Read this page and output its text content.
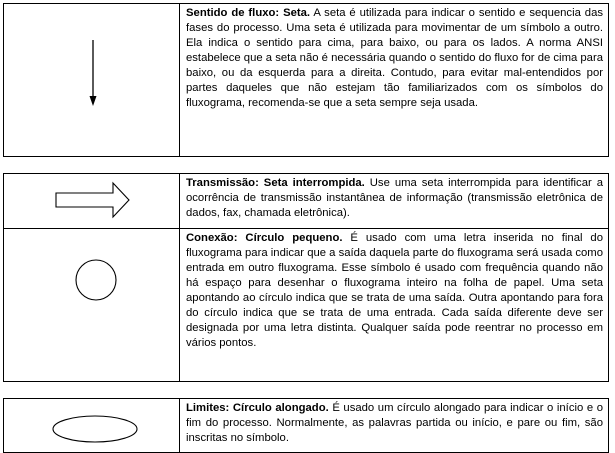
	Sentido de fluxo: Seta. A seta é utilizada para indicar o sentido e sequencia das fases do processo. Uma seta é utilizada para movimentar de um símbolo a outro. Ela indica o sentido para cima, para baixo, ou para os lados. A norma ANSI estabelece que a seta não é necessária quando o sentido do fluxo for de cima para baixo, ou da esquerda para a direita. Contudo, para evitar mal-entendidos por partes daqueles que não estejam tão familiarizados com os símbolos do fluxograma, recomenda-se que a seta sempre seja usada.

	Transmissão: Seta interrompida. Use uma seta interrompida para identificar a ocorrência de transmissão instantânea de informação (transmissão eletrônica de dados, fax, chamada eletrônica).

	Conexão: Círculo pequeno. É usado com uma letra inserida no final do fluxograma para indicar que a saída daquela parte do fluxograma será usada como entrada em outro fluxograma. Esse símbolo é usado com frequência quando não há espaço para desenhar o fluxograma inteiro na folha de papel. Uma seta apontando ao círculo indica que se trata de uma saída. Outra apontando para fora do círculo indica que se trata de uma entrada. Cada saída diferente deve ser designada por uma letra distinta. Qualquer saída pode reentrar no processo em vários pontos.

	Limites: Círculo alongado. É usado um círculo alongado para indicar o início e o fim do processo. Normalmente, as palavras partida ou início, e pare ou fim, são inscritas no símbolo.
